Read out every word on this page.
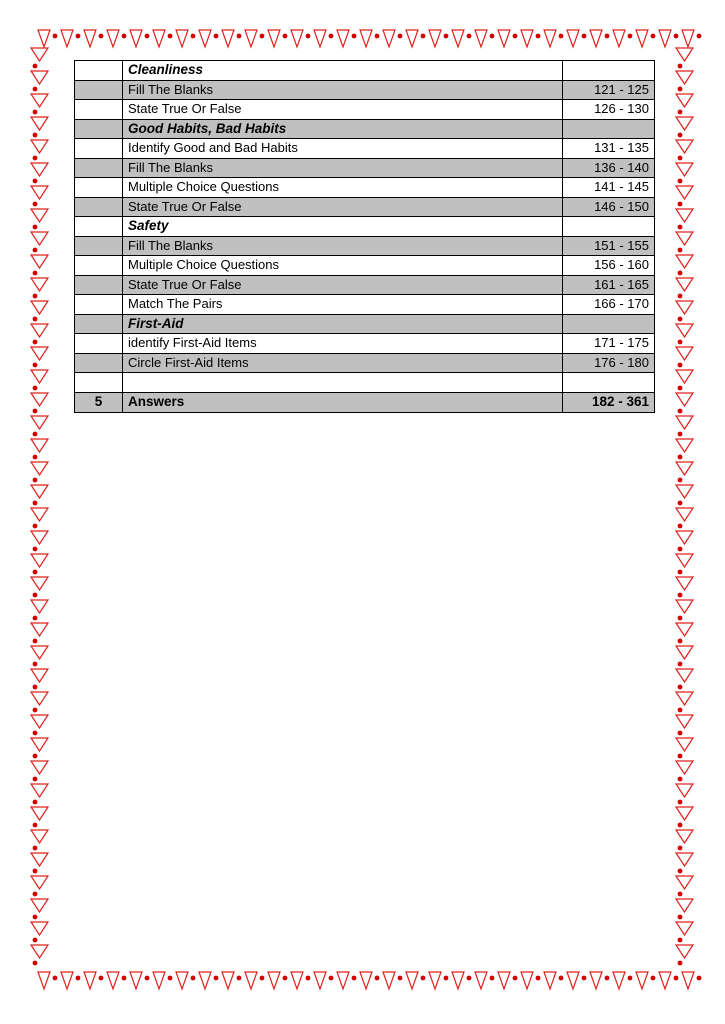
	Cleanliness	
	Fill The Blanks	121 - 125
	State True Or False	126 - 130
	Good Habits, Bad Habits	
	Identify Good and Bad Habits	131 - 135
	Fill The Blanks	136 - 140
	Multiple Choice Questions	141 - 145
	State True Or False	146 - 150
	Safety	
	Fill The Blanks	151 - 155
	Multiple Choice Questions	156 - 160
	State True Or False	161 - 165
	Match The Pairs	166 - 170
	First-Aid	
	identify First-Aid Items	171 - 175
	Circle First-Aid Items	176 - 180

5	Answers	182 - 361
